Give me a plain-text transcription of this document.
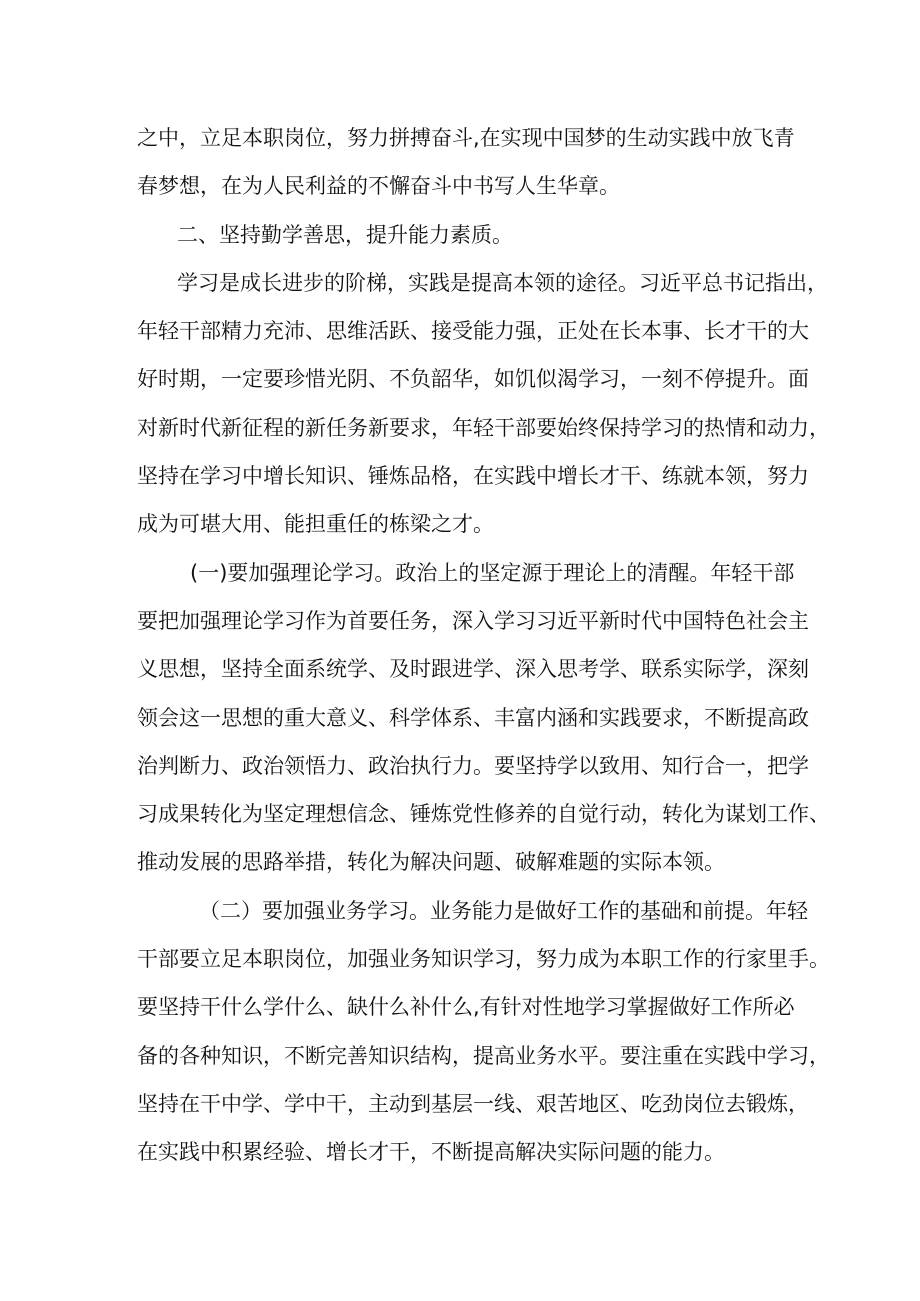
之中，立足本职岗位，努力拼搏奋斗,在实现中国梦的生动实践中放飞青
春梦想，在为人民利益的不懈奋斗中书写人生华章。
二、坚持勤学善思，提升能力素质。
学习是成长进步的阶梯，实践是提高本领的途径。习近平总书记指出，
年轻干部精力充沛、思维活跃、接受能力强，正处在长本事、长才干的大
好时期，一定要珍惜光阴、不负韶华，如饥似渴学习，一刻不停提升。面
对新时代新征程的新任务新要求，年轻干部要始终保持学习的热情和动力，
坚持在学习中增长知识、锤炼品格，在实践中增长才干、练就本领，努力
成为可堪大用、能担重任的栋梁之才。
(一)要加强理论学习。政治上的坚定源于理论上的清醒。年轻干部
要把加强理论学习作为首要任务，深入学习习近平新时代中国特色社会主
义思想，坚持全面系统学、及时跟进学、深入思考学、联系实际学，深刻
领会这一思想的重大意义、科学体系、丰富内涵和实践要求，不断提高政
治判断力、政治领悟力、政治执行力。要坚持学以致用、知行合一，把学
习成果转化为坚定理想信念、锤炼党性修养的自觉行动，转化为谋划工作、
推动发展的思路举措，转化为解决问题、破解难题的实际本领。
（二）要加强业务学习。业务能力是做好工作的基础和前提。年轻
干部要立足本职岗位，加强业务知识学习，努力成为本职工作的行家里手。
要坚持干什么学什么、缺什么补什么,有针对性地学习掌握做好工作所必
备的各种知识，不断完善知识结构，提高业务水平。要注重在实践中学习，
坚持在干中学、学中干，主动到基层一线、艰苦地区、吃劲岗位去锻炼，
在实践中积累经验、增长才干，不断提高解决实际问题的能力。
